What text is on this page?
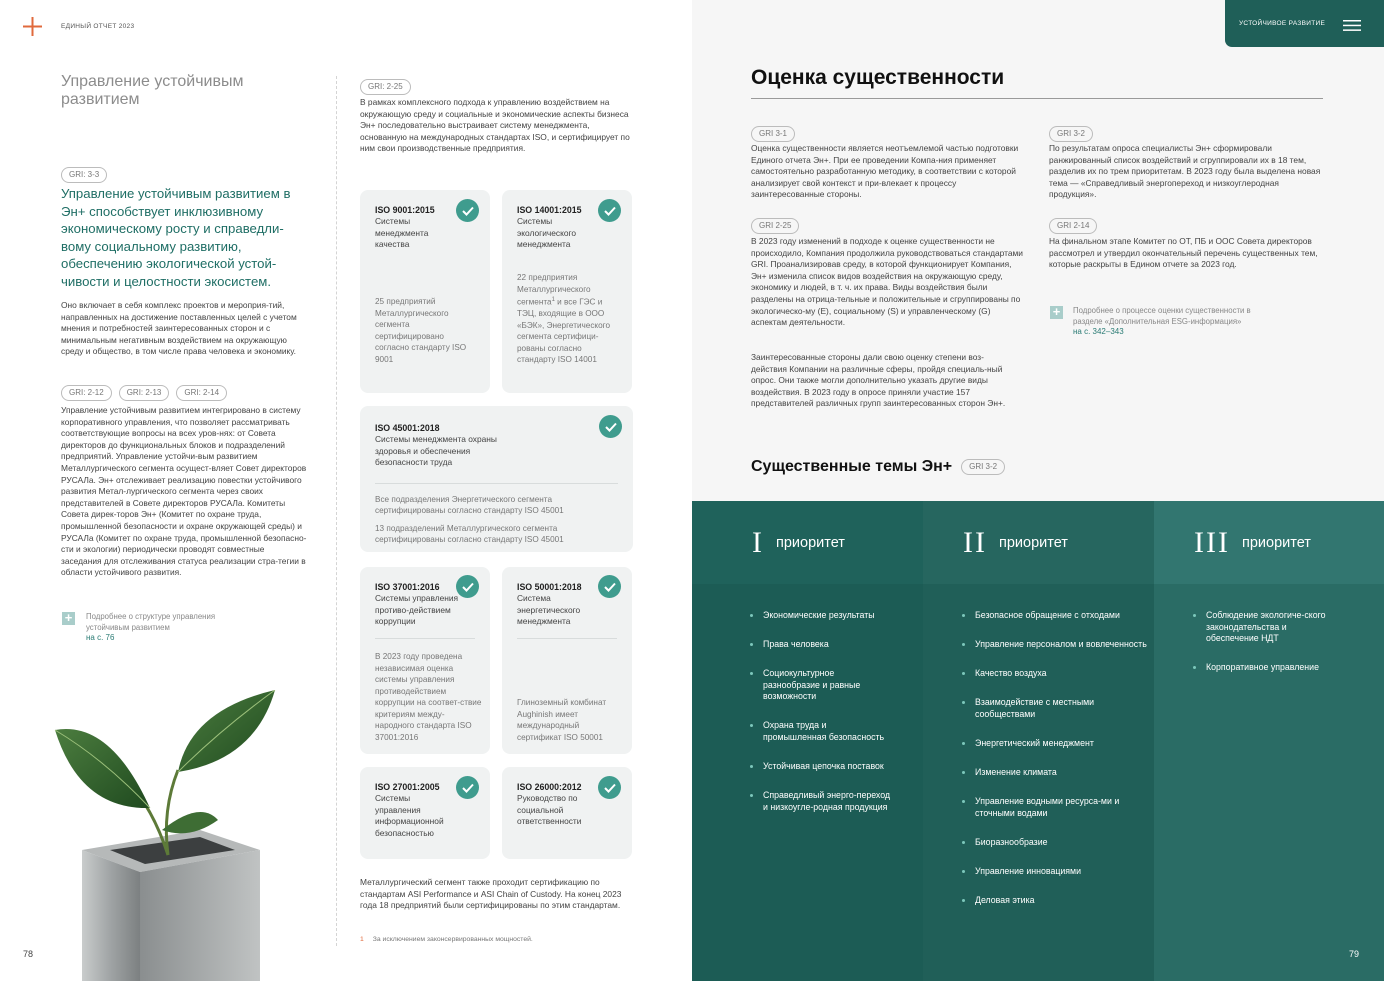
ЕДИНЫЙ ОТЧЕТ 2023
Управление устойчивым развитием
GRI: 3-3
Управление устойчивым развитием в Эн+ способствует инклюзивному экономическому росту и справедли-вому социальному развитию, обеспечению экологической устой-чивости и целостности экосистем.
Оно включает в себя комплекс проектов и мероприя-тий, направленных на достижение поставленных целей с учетом мнения и потребностей заинтересованных сторон и с минимальным негативным воздействием на окружающую среду и общество, в том числе права человека и экономику.
GRI: 2-12	GRI: 2-13	GRI: 2-14
Управление устойчивым развитием интегрировано в систему корпоративного управления, что позволяет рассматривать соответствующие вопросы на всех уров-нях: от Совета директоров до функциональных блоков и подразделений предприятий. Управление устойчи-вым развитием Металлургического сегмента осущест-вляет Совет директоров РУСАЛа. Эн+ отслеживает реализацию повестки устойчивого развития Метал-лургического сегмента через своих представителей в Совете директоров РУСАЛа. Комитеты Совета дирек-торов Эн+ (Комитет по охране труда, промышленной безопасности и охране окружающей среды) и РУСАЛа (Комитет по охране труда, промышленной безопасно-сти и экологии) периодически проводят совместные заседания для отслеживания статуса реализации стра-тегии в области устойчивого развития.
+	Подробнее о структуре управления устойчивым развитием
на с. 76
78
GRI: 2-25
В рамках комплексного подхода к управлению воздействием на окружающую среду и социальные и экономические аспекты бизнеса Эн+ последовательно выстраивает систему менеджмента, основанную на международных стандартах ISO, и сертифицирует по ним свои производственные предприятия.
ISO 9001:2015
Системы менеджмента качества
25 предприятий Металлургического сегмента сертифицировано согласно стандарту ISO 9001
ISO 14001:2015
Системы экологического менеджмента
22 предприятия Металлургического сегмента$^1$ и все ГЭС и ТЭЦ, входящие в ООО «БЭК», Энергетического сегмента сертифици-рованы согласно стандарту ISO 14001
ISO 45001:2018
Системы менеджмента охраны здоровья и обеспечения безопасности труда
Все подразделения Энергетического сегмента сертифицированы согласно стандарту ISO 45001
13 подразделений Металлургического сегмента сертифицированы согласно стандарту ISO 45001
ISO 37001:2016
Системы управления противо-действием коррупции
В 2023 году проведена независимая оценка системы управления противодействием коррупции на соответ-ствие критериям между-народного стандарта ISO 37001:2016
ISO 50001:2018
Система энергетического менеджмента
Глиноземный комбинат Aughinish имеет международный сертификат ISO 50001
ISO 27001:2005
Системы управления информационной безопасностью
ISO 26000:2012
Руководство по социальной ответственности
Металлургический сегмент также проходит сертификацию по стандартам ASI Performance и ASI Chain of Custody. На конец 2023 года 18 предприятий были сертифицированы по этим стандартам.
1 За исключением законсервированных мощностей.
УСТОЙЧИВОЕ РАЗВИТИЕ
Оценка существенности
GRI 3-1
Оценка существенности является неотъемлемой частью подготовки Единого отчета Эн+. При ее проведении Компа-ния применяет самостоятельно разработанную методику, в соответствии с которой анализирует свой контекст и при-влекает к процессу заинтересованные стороны.
GRI 2-25
В 2023 году изменений в подходе к оценке существенности не происходило, Компания продолжила руководствоваться стандартами GRI. Проанализировав среду, в которой функционирует Компания, Эн+ изменила список видов воздействия на окружающую среду, экономику и людей, в т. ч. их права. Виды воздействия были разделены на отрица-тельные и положительные и сгруппированы по экологическо-му (E), социальному (S) и управленческому (G) аспектам деятельности.
Заинтересованные стороны дали свою оценку степени воз-действия Компании на различные сферы, пройдя специаль-ный опрос. Они также могли дополнительно указать другие виды воздействия. В 2023 году в опросе приняли участие 157 представителей различных групп заинтересованных сторон Эн+.
GRI 3-2
По результатам опроса специалисты Эн+ сформировали ранжированный список воздействий и сгруппировали их в 18 тем, разделив их по трем приоритетам. В 2023 году была выделена новая тема — «Справедливый энергопереход и низкоуглеродная продукция».
GRI 2-14
На финальном этапе Комитет по ОТ, ПБ и ООС Совета директоров рассмотрел и утвердил окончательный перечень существенных тем, которые раскрыты в Едином отчете за 2023 год.
+	Подробнее о процессе оценки существенности в разделе «Дополнительная ESG-информация»
на с. 342–343
Существенные темы Эн+	GRI 3-2
I приоритет
Экономические результаты
Права человека
Социокультурное разнообразие и равные возможности
Охрана труда и промышленная безопасность
Устойчивая цепочка поставок
Справедливый энерго-переход и низкоугле-родная продукция
II приоритет
Безопасное обращение с отходами
Управление персоналом и вовлеченность
Качество воздуха
Взаимодействие с местными сообществами
Энергетический менеджмент
Изменение климата
Управление водными ресурса-ми и сточными водами
Биоразнообразие
Управление инновациями
Деловая этика
III приоритет
Соблюдение экологиче-ского законодательства и обеспечение НДТ
Корпоративное управление
79
